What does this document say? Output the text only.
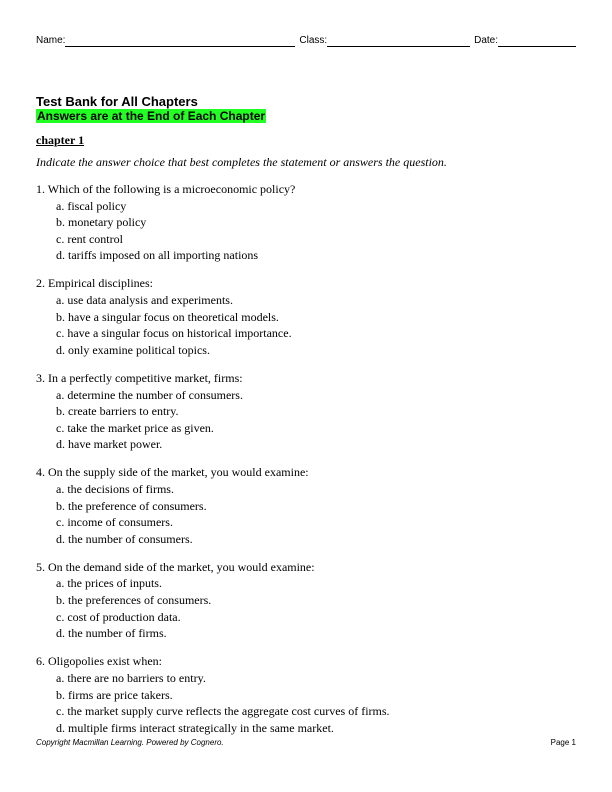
Name:	Class:	Date:
Test Bank for All Chapters
Answers are at the End of Each Chapter
chapter 1
Indicate the answer choice that best completes the statement or answers the question.
1. Which of the following is a microeconomic policy?
a. fiscal policy
b. monetary policy
c. rent control
d. tariffs imposed on all importing nations
2. Empirical disciplines:
a. use data analysis and experiments.
b. have a singular focus on theoretical models.
c. have a singular focus on historical importance.
d. only examine political topics.
3. In a perfectly competitive market, firms:
a. determine the number of consumers.
b. create barriers to entry.
c. take the market price as given.
d. have market power.
4. On the supply side of the market, you would examine:
a. the decisions of firms.
b. the preference of consumers.
c. income of consumers.
d. the number of consumers.
5. On the demand side of the market, you would examine:
a. the prices of inputs.
b. the preferences of consumers.
c. cost of production data.
d. the number of firms.
6. Oligopolies exist when:
a. there are no barriers to entry.
b. firms are price takers.
c. the market supply curve reflects the aggregate cost curves of firms.
d. multiple firms interact strategically in the same market.
Copyright Macmillan Learning. Powered by Cognero.	Page 1
